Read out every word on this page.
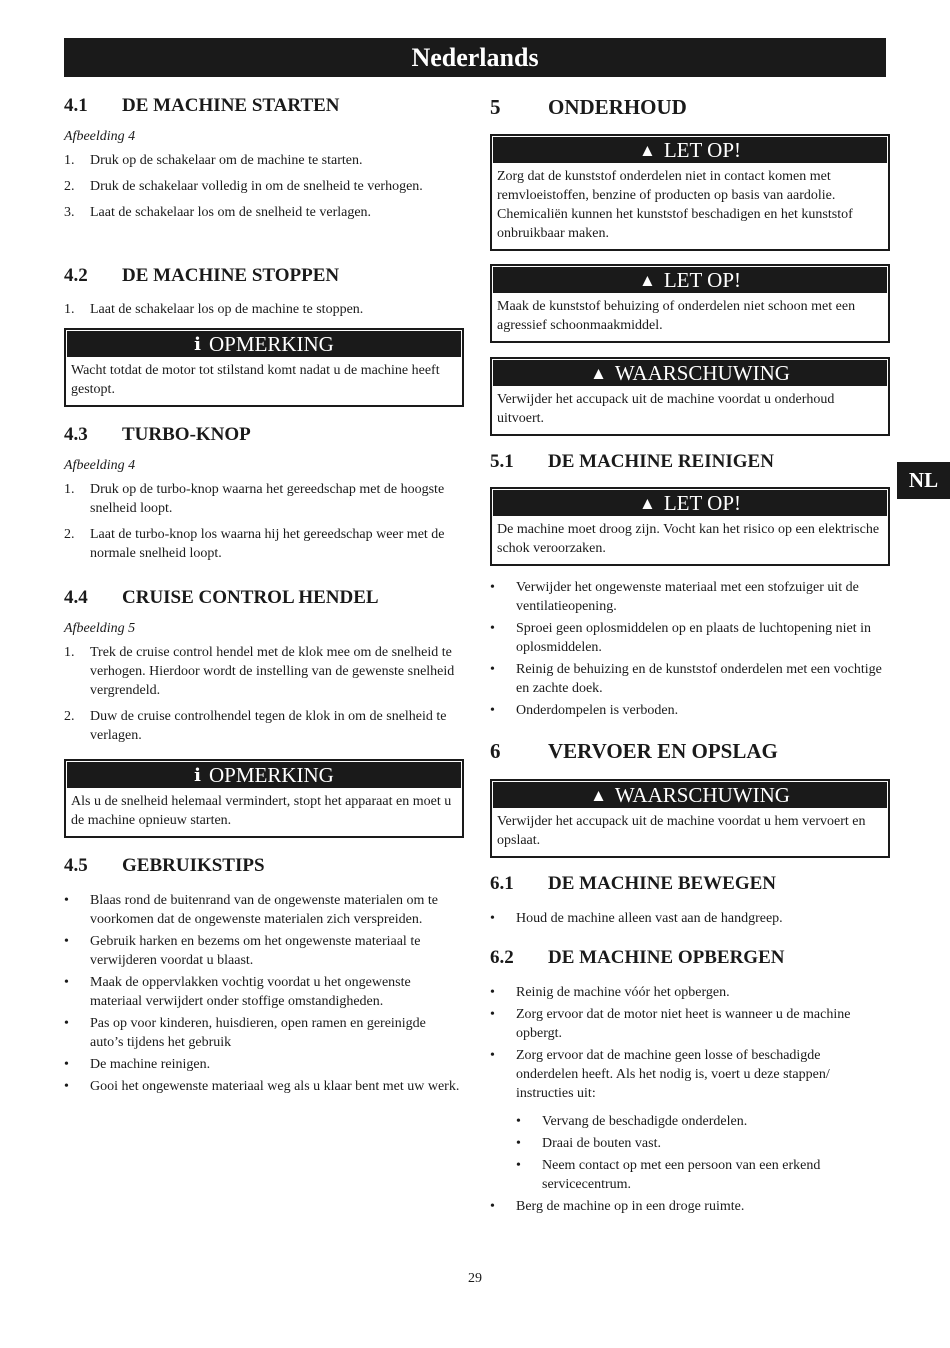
Nederlands
NL
4.1	DE MACHINE STARTEN
Afbeelding 4
1.	Druk op de schakelaar om de machine te starten.
2.	Druk de schakelaar volledig in om de snelheid te verhogen.
3.	Laat de schakelaar los om de snelheid te verlagen.
4.2	DE MACHINE STOPPEN
1.	Laat de schakelaar los op de machine te stoppen.
i OPMERKING
Wacht totdat de motor tot stilstand komt nadat u de machine heeft gestopt.
4.3	TURBO-KNOP
Afbeelding 4
1.	Druk op de turbo-knop waarna het gereedschap met de hoogste snelheid loopt.
2.	Laat de turbo-knop los waarna hij het gereedschap weer met de normale snelheid loopt.
4.4	CRUISE CONTROL HENDEL
Afbeelding 5
1.	Trek de cruise control hendel met de klok mee om de snelheid te verhogen. Hierdoor wordt de instelling van de gewenste snelheid vergrendeld.
2.	Duw de cruise controlhendel tegen de klok in om de snelheid te verlagen.
i OPMERKING
Als u de snelheid helemaal vermindert, stopt het apparaat en moet u de machine opnieuw starten.
4.5	GEBRUIKSTIPS
•	Blaas rond de buitenrand van de ongewenste materialen om te voorkomen dat de ongewenste materialen zich verspreiden.
•	Gebruik harken en bezems om het ongewenste materiaal te verwijderen voordat u blaast.
•	Maak de oppervlakken vochtig voordat u het ongewenste materiaal verwijdert onder stoffige omstandigheden.
•	Pas op voor kinderen, huisdieren, open ramen en gereinigde auto’s tijdens het gebruik
•	De machine reinigen.
•	Gooi het ongewenste materiaal weg als u klaar bent met uw werk.
5	ONDERHOUD
▲ LET OP!
Zorg dat de kunststof onderdelen niet in contact komen met remvloeistoffen, benzine of producten op basis van aardolie. Chemicaliën kunnen het kunststof beschadigen en het kunststof onbruikbaar maken.
▲ LET OP!
Maak de kunststof behuizing of onderdelen niet schoon met een agressief schoonmaakmiddel.
▲ WAARSCHUWING
Verwijder het accupack uit de machine voordat u onderhoud uitvoert.
5.1	DE MACHINE REINIGEN
▲ LET OP!
De machine moet droog zijn. Vocht kan het risico op een elektrische schok veroorzaken.
•	Verwijder het ongewenste materiaal met een stofzuiger uit de ventilatieopening.
•	Sproei geen oplosmiddelen op en plaats de luchtopening niet in oplosmiddelen.
•	Reinig de behuizing en de kunststof onderdelen met een vochtige en zachte doek.
•	Onderdompelen is verboden.
6	VERVOER EN OPSLAG
▲ WAARSCHUWING
Verwijder het accupack uit de machine voordat u hem vervoert en opslaat.
6.1	DE MACHINE BEWEGEN
•	Houd de machine alleen vast aan de handgreep.
6.2	DE MACHINE OPBERGEN
•	Reinig de machine vóór het opbergen.
•	Zorg ervoor dat de motor niet heet is wanneer u de machine opbergt.
•	Zorg ervoor dat de machine geen losse of beschadigde onderdelen heeft. Als het nodig is, voert u deze stappen/ instructies uit:
•	Vervang de beschadigde onderdelen.
•	Draai de bouten vast.
•	Neem contact op met een persoon van een erkend servicecentrum.
•	Berg de machine op in een droge ruimte.
29
